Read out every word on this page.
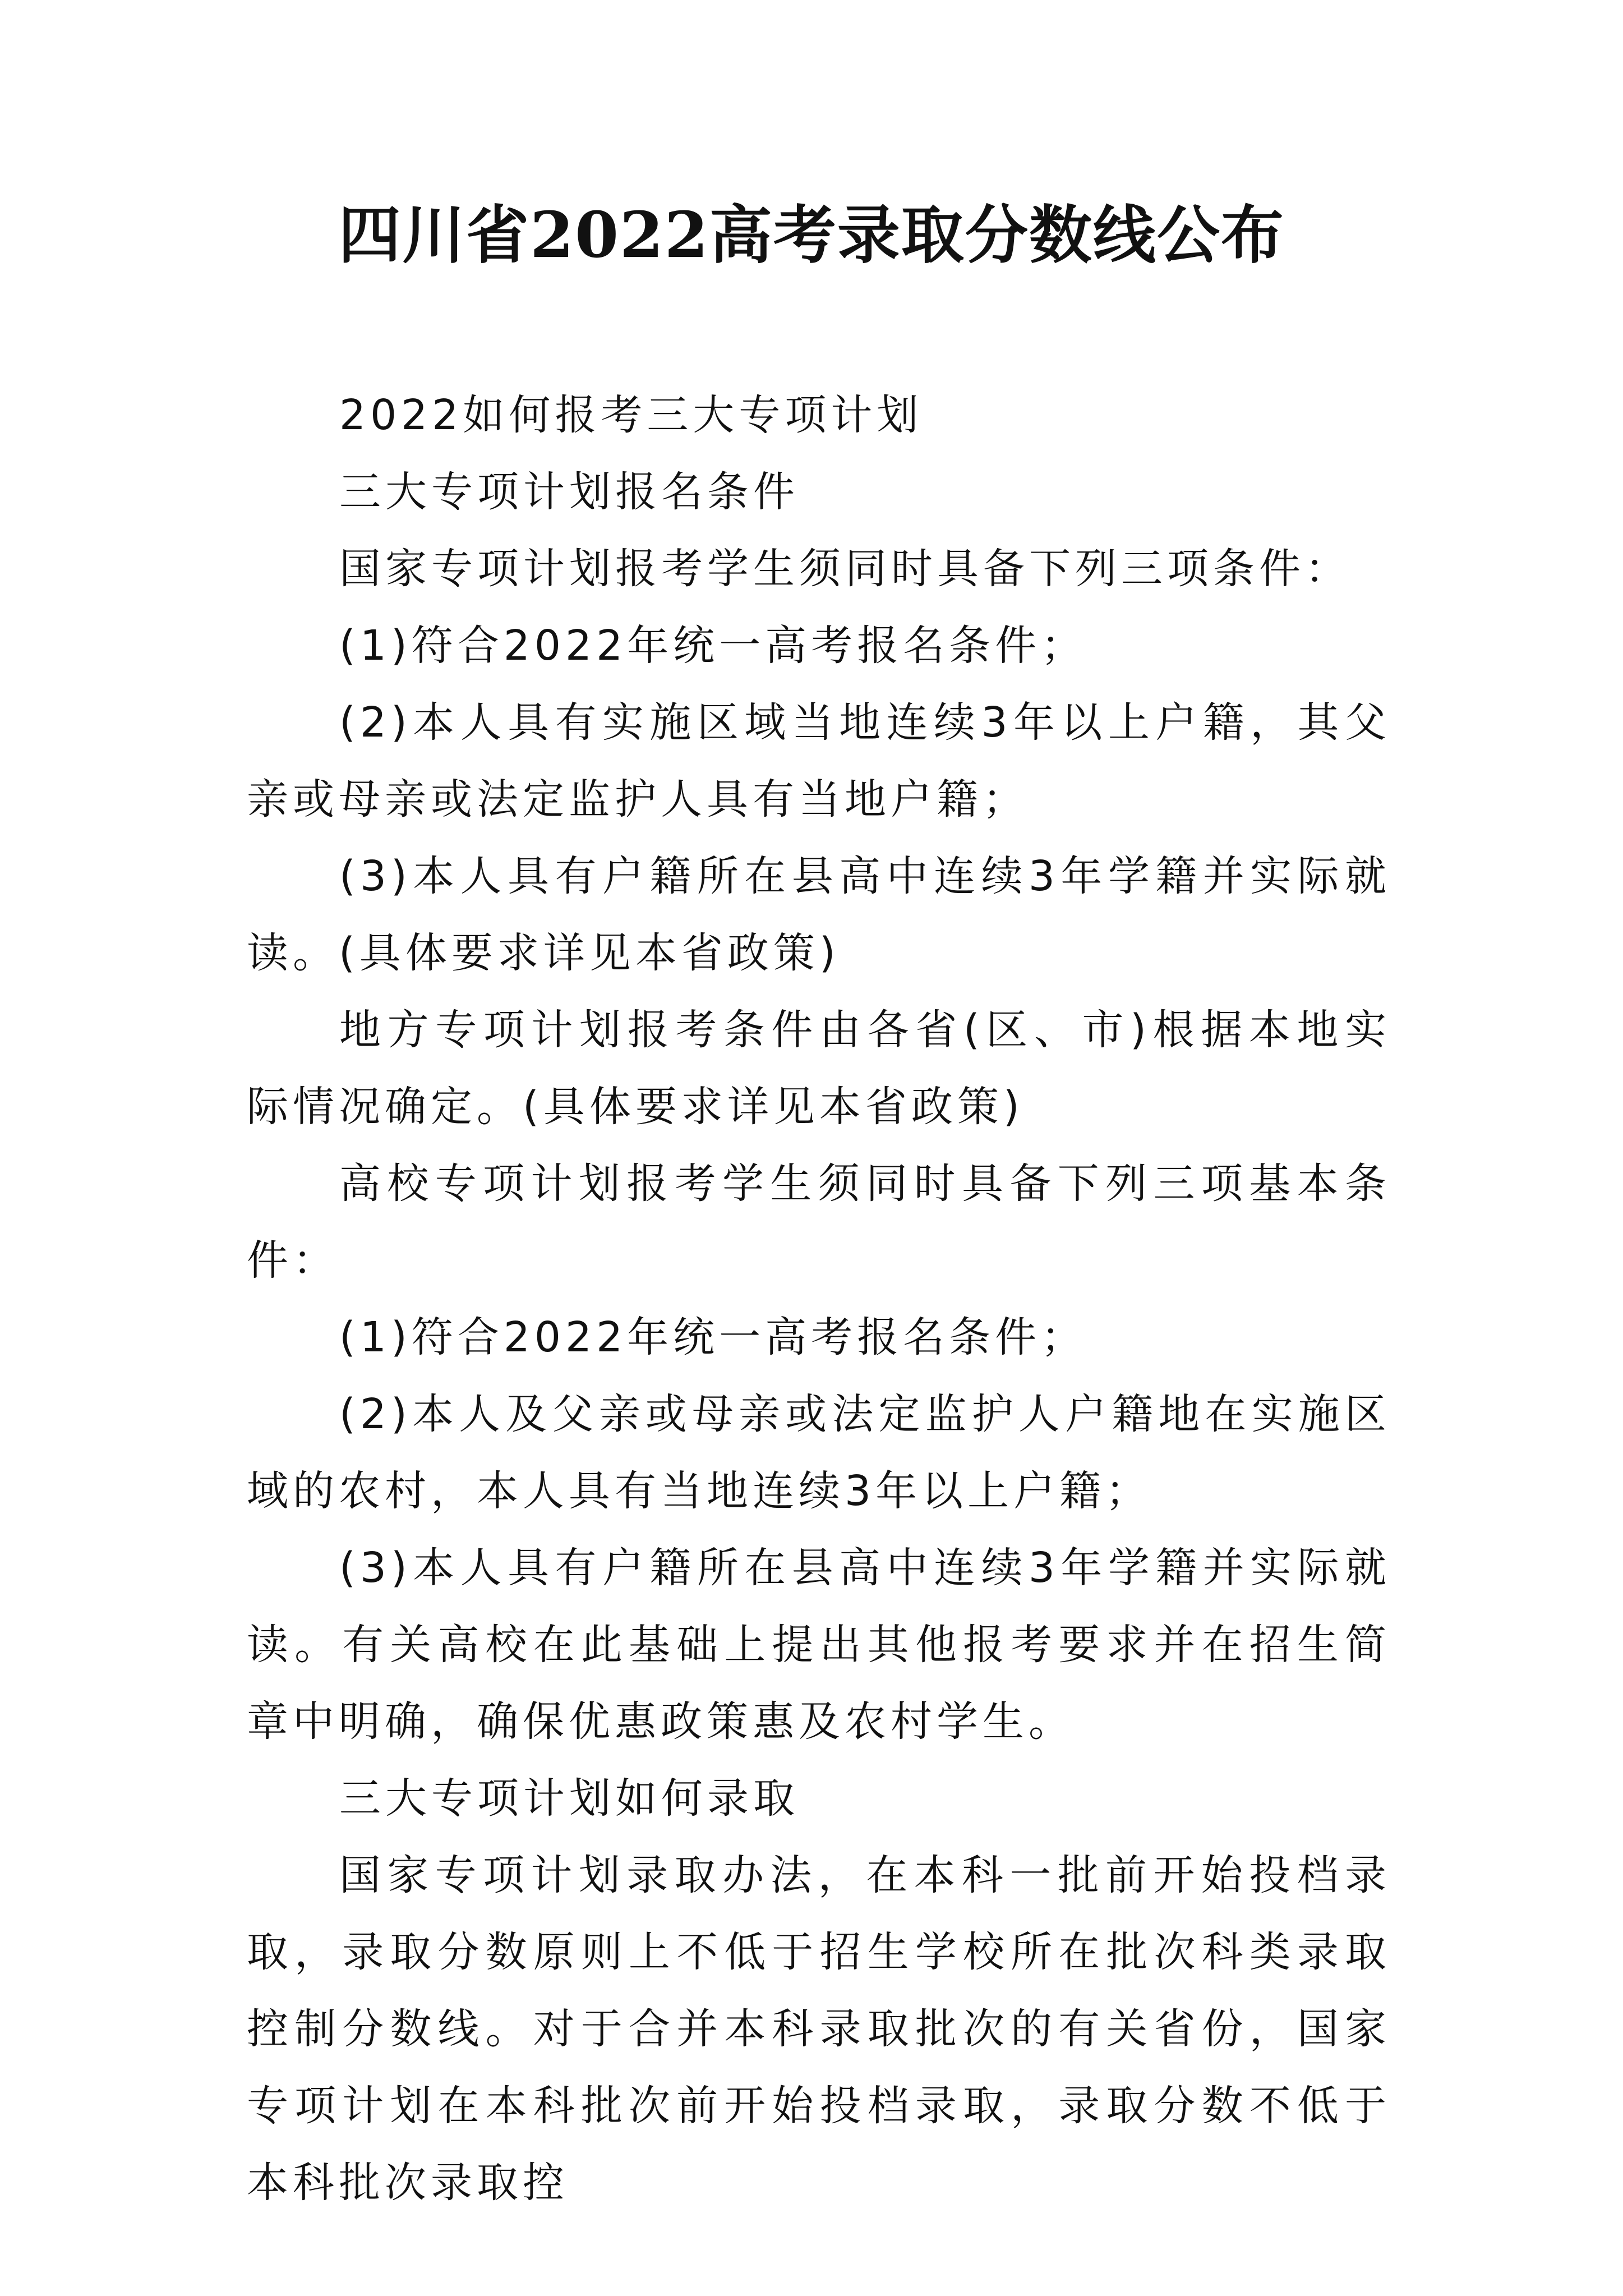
四川省2022高考录取分数线公布

2022如何报考三大专项计划

三大专项计划报名条件

国家专项计划报考学生须同时具备下列三项条件：

(1)符合2022年统一高考报名条件；

(2)本人具有实施区域当地连续3年以上户籍，其父亲或母亲或法定监护人具有当地户籍；

(3)本人具有户籍所在县高中连续3年学籍并实际就读。(具体要求详见本省政策)

地方专项计划报考条件由各省(区、市)根据本地实际情况确定。(具体要求详见本省政策)

高校专项计划报考学生须同时具备下列三项基本条件：

(1)符合2022年统一高考报名条件；

(2)本人及父亲或母亲或法定监护人户籍地在实施区域的农村，本人具有当地连续3年以上户籍；

(3)本人具有户籍所在县高中连续3年学籍并实际就读。有关高校在此基础上提出其他报考要求并在招生简章中明确，确保优惠政策惠及农村学生。

三大专项计划如何录取

国家专项计划录取办法，在本科一批前开始投档录取，录取分数原则上不低于招生学校所在批次科类录取控制分数线。对于合并本科录取批次的有关省份，国家专项计划在本科批次前开始投档录取，录取分数不低于本科批次录取控
